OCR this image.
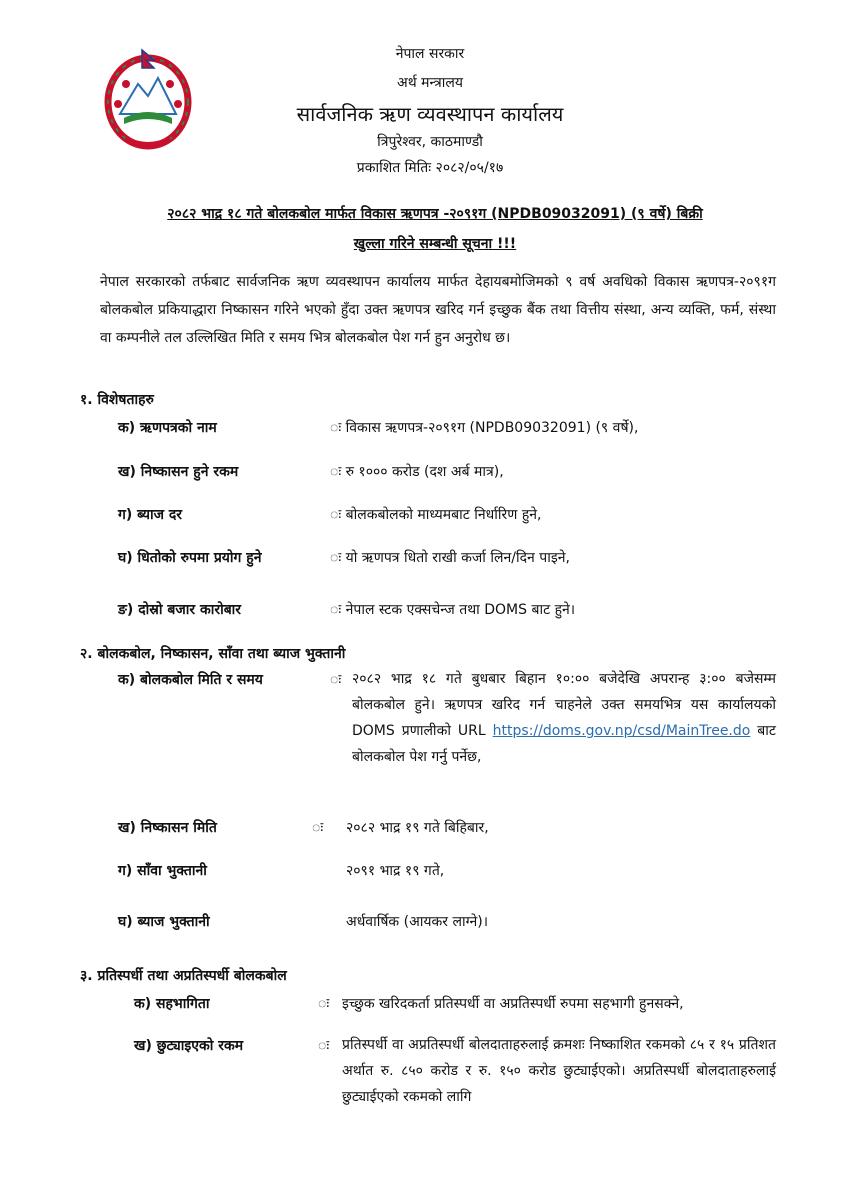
नेपाल सरकार
अर्थ मन्त्रालय
सार्वजनिक ऋण व्यवस्थापन कार्यालय
त्रिपुरेश्वर, काठमाण्डौ
प्रकाशित मितिः २०८२/०५/१७
२०८२ भाद्र १८ गते बोलकबोल मार्फत विकास ऋणपत्र -२०९१ग (NPDB09032091) (९ वर्षे) बिक्री
खुल्ला गरिने सम्बन्धी सूचना !!!
नेपाल सरकारको तर्फबाट सार्वजनिक ऋण व्यवस्थापन कार्यालय मार्फत देहायबमोजिमको ९ वर्ष अवधिको विकास ऋणपत्र-२०९१ग बोलकबोल प्रकियाद्धारा निष्कासन गरिने भएको हुँदा उक्त ऋणपत्र खरिद गर्न इच्छुक बैंक तथा वित्तीय संस्था, अन्य व्यक्ति, फर्म, संस्था वा कम्पनीले तल उल्लिखित मिति र समय भित्र बोलकबोल पेश गर्न हुन अनुरोध छ।
१. विशेषताहरु
क) ऋणपत्रको नाम	ः विकास ऋणपत्र-२०९१ग (NPDB09032091) (९ वर्षे),
ख) निष्कासन हुने रकम	ः रु १००० करोड (दश अर्ब मात्र),
ग) ब्याज दर	ः बोलकबोलको माध्यमबाट निर्धारिण हुने,
घ) धितोको रुपमा प्रयोग हुने	ः यो ऋणपत्र धितो राखी कर्जा लिन/दिन पाइने,
ङ) दोस्रो बजार कारोबार	ः नेपाल स्टक एक्सचेन्ज तथा DOMS बाट हुने।
२. बोलकबोल, निष्कासन, साँवा तथा ब्याज भुक्तानी
क) बोलकबोल मिति र समय	ः २०८२ भाद्र १८ गते बुधबार बिहान १०:०० बजेदेखि अपरान्ह ३:०० बजेसम्म बोलकबोल हुने। ऋणपत्र खरिद गर्न चाहनेले उक्त समयभित्र यस कार्यालयको DOMS प्रणालीको URL https://doms.gov.np/csd/MainTree.do बाट बोलकबोल पेश गर्नु पर्नेछ,
ख) निष्कासन मिति	ः २०८२ भाद्र १९ गते बिहिबार,
ग) साँवा भुक्तानी	२०९१ भाद्र १९ गते,
घ) ब्याज भुक्तानी	अर्धवार्षिक (आयकर लाग्ने)।
३. प्रतिस्पर्धी तथा अप्रतिस्पर्धी बोलकबोल
क) सहभागिता	ः इच्छुक खरिदकर्ता प्रतिस्पर्धी वा अप्रतिस्पर्धी रुपमा सहभागी हुनसक्ने,
ख) छुट्याइएको रकम	ः प्रतिस्पर्धी वा अप्रतिस्पर्धी बोलदाताहरुलाई क्रमशः निष्काशित रकमको ८५ र १५ प्रतिशत अर्थात रु. ८५० करोड र रु. १५० करोड छुट्याईएको। अप्रतिस्पर्धी बोलदाताहरुलाई छुट्याईएको रकमको लागि
